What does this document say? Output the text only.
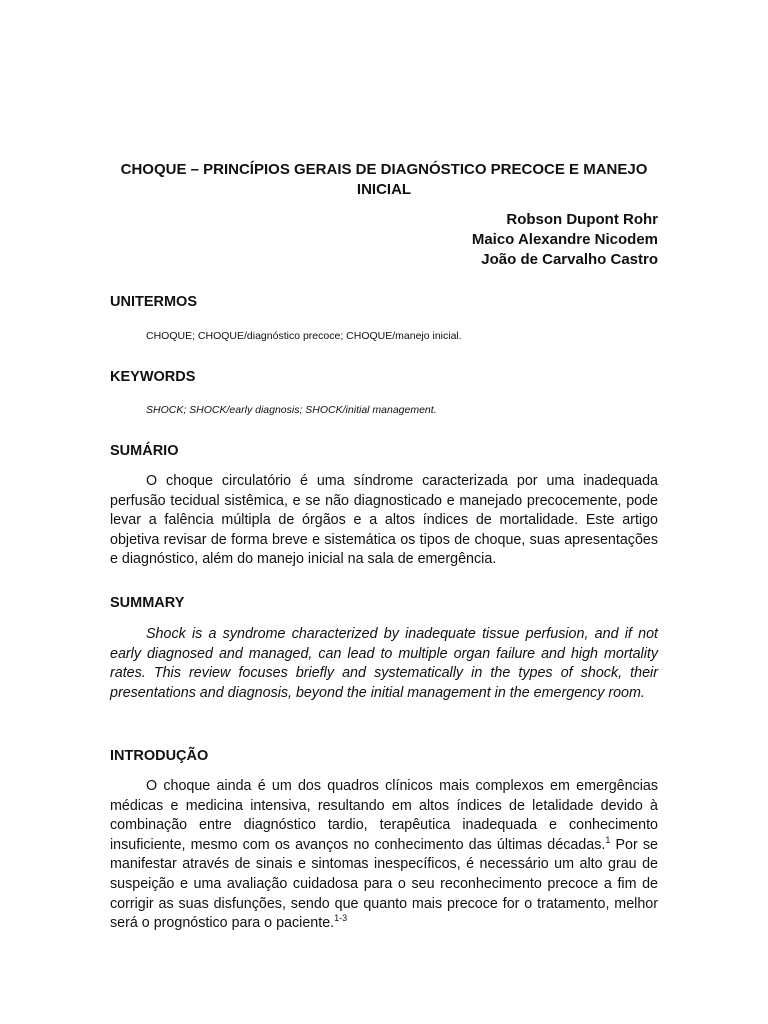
CHOQUE – PRINCÍPIOS GERAIS DE DIAGNÓSTICO PRECOCE E MANEJO INICIAL
Robson Dupont Rohr
Maico Alexandre Nicodem
João de Carvalho Castro
UNITERMOS
CHOQUE; CHOQUE/diagnóstico precoce; CHOQUE/manejo inicial.
KEYWORDS
SHOCK; SHOCK/early diagnosis; SHOCK/initial management.
SUMÁRIO

O choque circulatório é uma síndrome caracterizada por uma inadequada perfusão tecidual sistêmica, e se não diagnosticado e manejado precocemente, pode levar a falência múltipla de órgãos e a altos índices de mortalidade. Este artigo objetiva revisar de forma breve e sistemática os tipos de choque, suas apresentações e diagnóstico, além do manejo inicial na sala de emergência.

SUMMARY

Shock is a syndrome characterized by inadequate tissue perfusion, and if not early diagnosed and managed, can lead to multiple organ failure and high mortality rates. This review focuses briefly and systematically in the types of shock, their presentations and diagnosis, beyond the initial management in the emergency room.

INTRODUÇÃO

O choque ainda é um dos quadros clínicos mais complexos em emergências médicas e medicina intensiva, resultando em altos índices de letalidade devido à combinação entre diagnóstico tardio, terapêutica inadequada e conhecimento insuficiente, mesmo com os avanços no conhecimento das últimas décadas.$^1$ Por se manifestar através de sinais e sintomas inespecíficos, é necessário um alto grau de suspeição e uma avaliação cuidadosa para o seu reconhecimento precoce a fim de corrigir as suas disfunções, sendo que quanto mais precoce for o tratamento, melhor será o prognóstico para o paciente.$^{1-3}$
